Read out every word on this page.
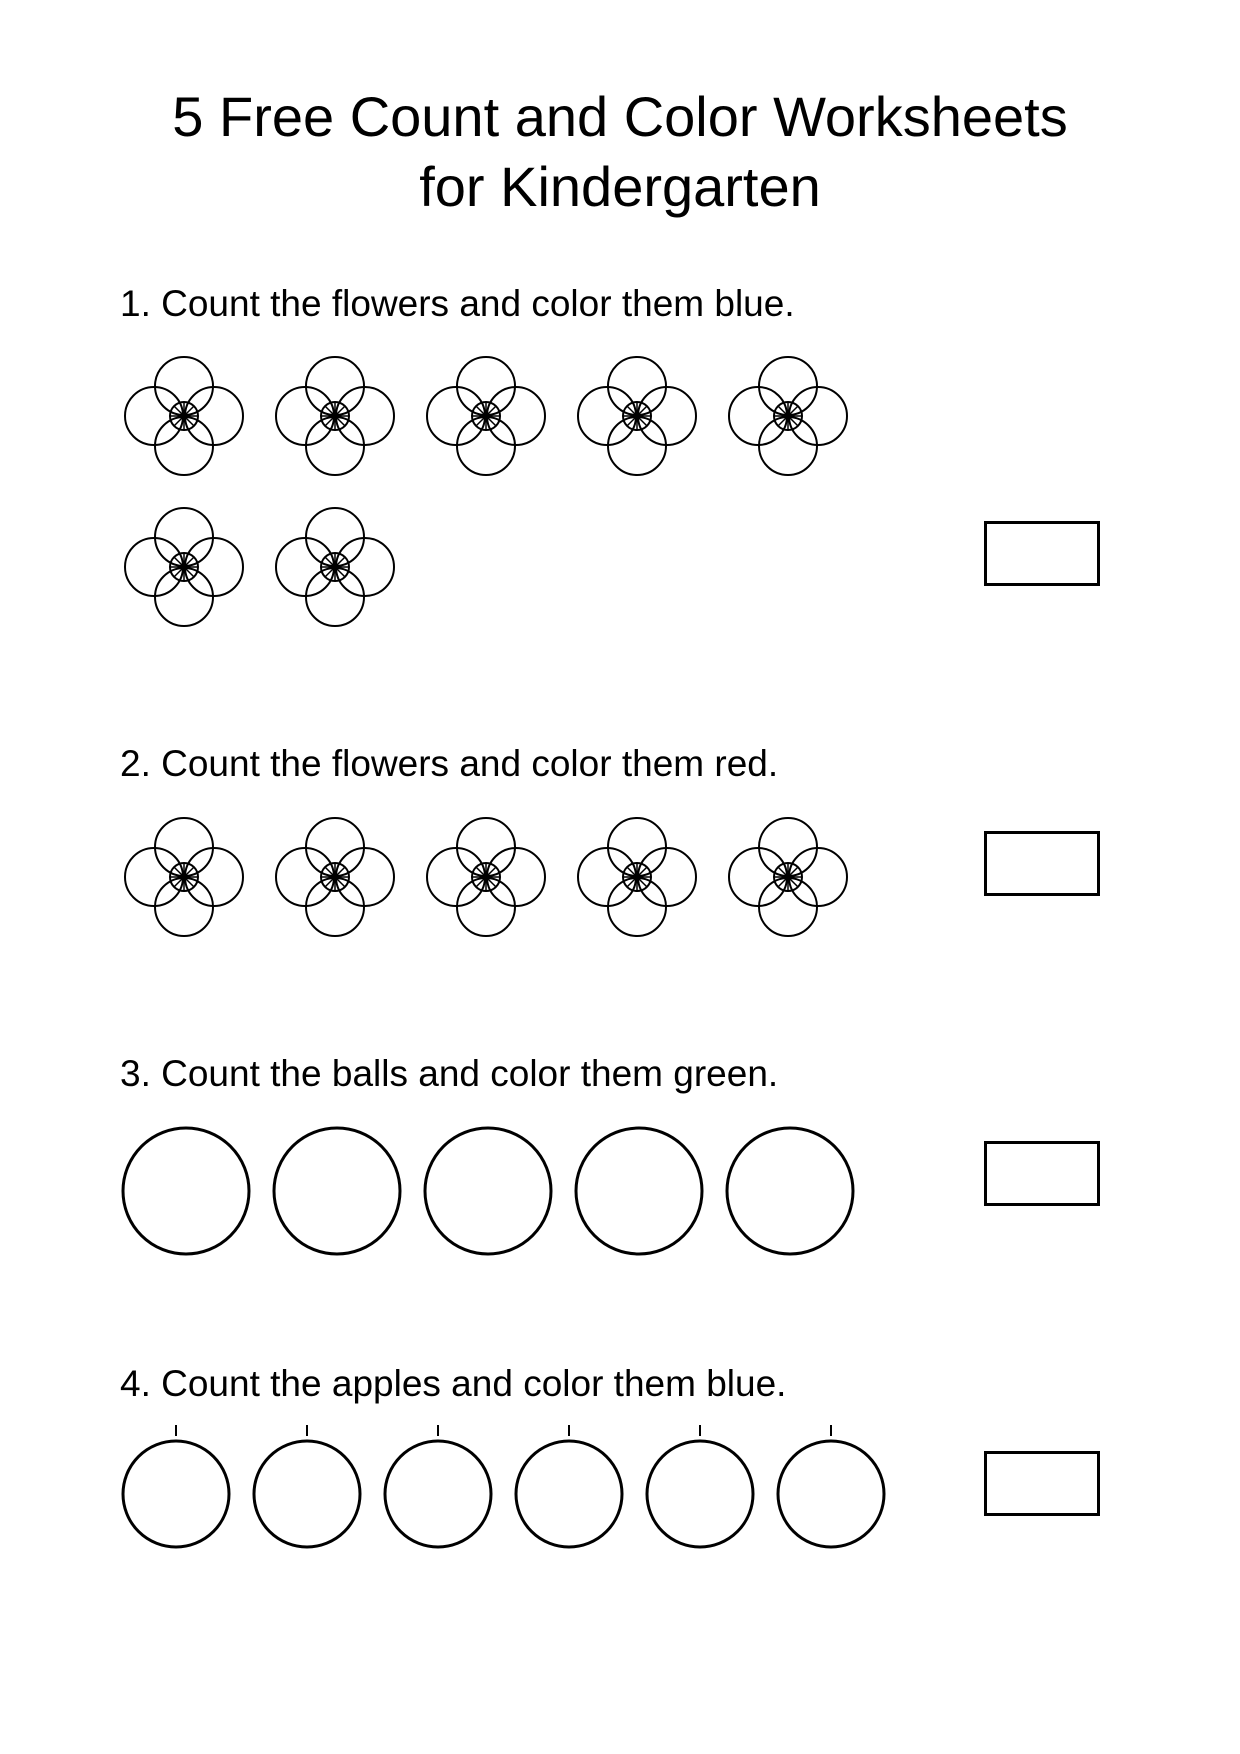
5 Free Count and Color Worksheets
for Kindergarten

1. Count the flowers and color them blue.

2. Count the flowers and color them red.

3. Count the balls and color them green.

4. Count the apples and color them blue.
